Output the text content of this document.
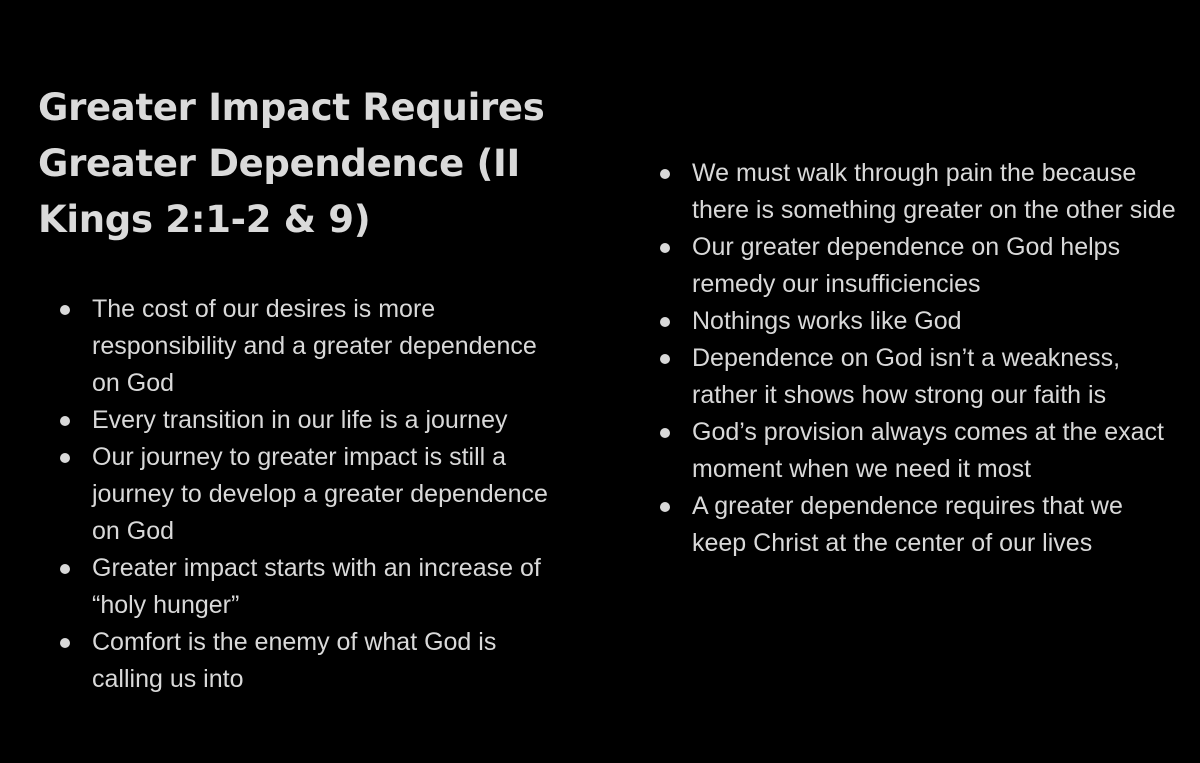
Greater Impact Requires Greater Dependence (II Kings 2:1-2 & 9)
The cost of our desires is more responsibility and a greater dependence on God
Every transition in our life is a journey
Our journey to greater impact is still a journey to develop a greater dependence on God
Greater impact starts with an increase of “holy hunger”
Comfort is the enemy of what God is calling us into
We must walk through pain the because there is something greater on the other side
Our greater dependence on God helps remedy our insufficiencies
Nothings works like God
Dependence on God isn’t a weakness, rather it shows how strong our faith is
God’s provision always comes at the exact moment when we need it most
A greater dependence requires that we keep Christ at the center of our lives
